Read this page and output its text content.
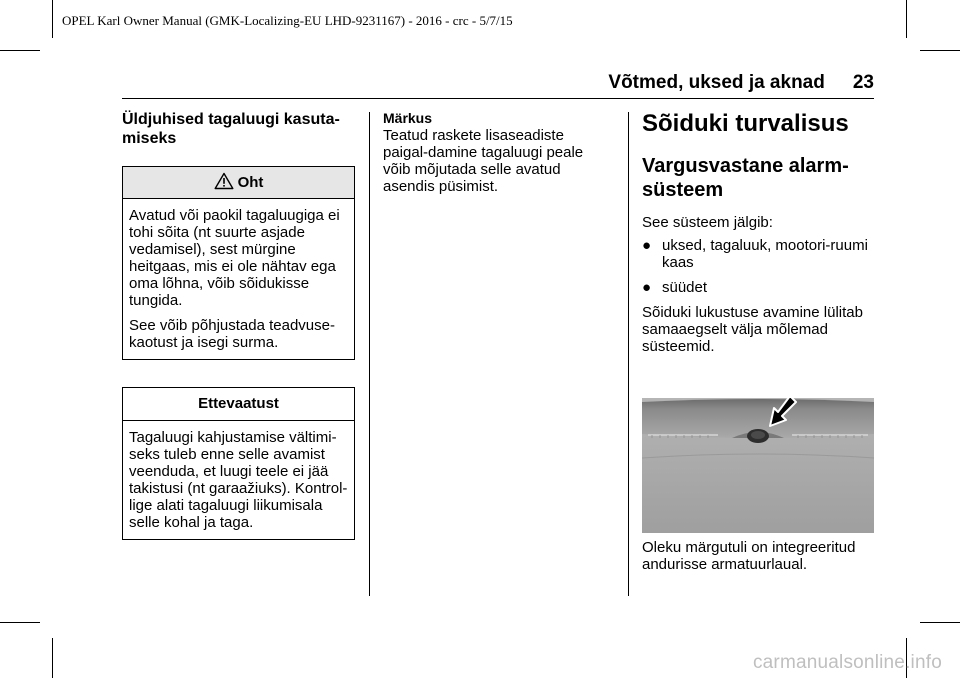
OPEL Karl Owner Manual (GMK-Localizing-EU LHD-9231167) - 2016 - crc - 5/7/15
Võtmed, uksed ja aknad 23
Üldjuhised tagaluugi kasuta-miseks
Oht

Avatud või paokil tagaluugiga ei tohi sõita (nt suurte asjade vedamisel), sest mürgine heitgaas, mis ei ole nähtav ega oma lõhna, võib sõidukisse tungida.

See võib põhjustada teadvuse-kaotust ja isegi surma.

Ettevaatust

Tagaluugi kahjustamise vältimi-seks tuleb enne selle avamist veenduda, et luugi teele ei jää takistusi (nt garaažiuks). Kontrol-lige alati tagaluugi liikumisala selle kohal ja taga.

Märkus

Teatud raskete lisaseadiste paigal-damine tagaluugi peale võib mõjutada selle avatud asendis püsimist.

Sõiduki turvalisus
Vargusvastane alarm-süsteem

See süsteem jälgib:

● uksed, tagaluuk, mootori-ruumi kaas
● süüdet

Sõiduki lukustuse avamine lülitab samaaegselt välja mõlemad süsteemid.

Oleku märgutuli on integreeritud andurisse armatuurlaual.

carmanualsonline.info
